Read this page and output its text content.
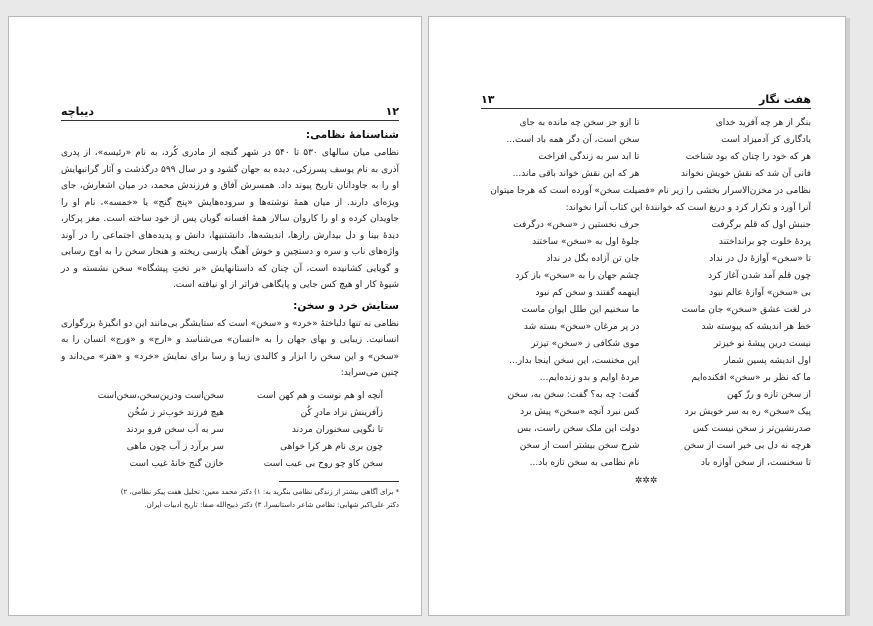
۱۲
دیباچه

شناسنامۀ نظامی:

نظامی میان سالهای ۵۳۰ تا ۵۴۰ در شهر گنجه از مادری کُرد، به نام «رئیسه»، از پدری آذری به نام یوسف پسرزکی، دیده به جهان گشود و در سال ۵۹۹ درگذشت و آثار گرانبهایش او را به جاودانان تاریخ پیوند داد. همسرش آفاق و فرزندش محمد، در میان اشعارش، جای ویژه‌ای دارند. از میان همۀ نوشته‌ها و سروده‌هایش «پنج گنج» یا «خمسه»، نام او را جاویدان کرده و او را کاروان سالار همۀ افسانه گویان پس از خود ساخته است. مغز پرکار، دیدۀ بینا و دل بیدارش رازها، اندیشه‌ها، دانشتنیها، دانش و پدیده‌های اجتماعی را در آوند واژه‌های ناب و سره و دستچین و خوش آهنگ پارسی ریخته و هنجار سخن را به اوج رسایی و گویایی کشانیده است، آن چنان که داستانهایش «بر تختِ پیشگاه» سخن نشسته و در شیوۀ کار او هیچ کس جایی و پایگاهی فراتر از او نیافته است.

ستایش خرد و سخن:

نظامی نه تنها دلباختۀ «خرد» و «سخن» است که ستایشگر بی‌مانند این دو انگیزۀ بزرگواری انسانیت. زیبایی و بهای جهان را به «انسان» می‌شناسد و «ارج» و «وَرج» انسان را به «سخن» و این سخن را ابزار و کالبدی زیبا و رسا برای نمایش «خرد» و «هنر» می‌داند و چنین می‌سراید:

آنچه او هم نوست و هم کهن است
سخن‌است ودرین‌سخن،سخن‌است
زآفرینش نزاد مادرِ کُن
هیچ فرزند خوب‌تر ز سُخُن
تا نگویی سخنوران مردند
سر به آب سخن فرو بردند
چون بری نام هر کرا خواهی
سر برآرد ز آب چون ماهی
سخن کاو چو روح بی عیب است
خازن گنج خانۀ غیب است

* برای آگاهی بیشتر از زندگی نظامی بنگرید به: ۱) دکتر محمد معین: تحلیل هفت پیکر نظامی، ۲)

دکتر علی‌اکبر شهابی: نظامی شاعر داستانسرا، ۳) دکتر ذبیح‌الله صفا: تاریخ ادبیات ایران.

هفت نگار
۱۳
بنگر از هر چه آفرید خدای
تا ازو جز سخن چه مانده به جای
یادگاری کز آدمیزاد است
سخن است، آن دگر همه باد است...
هر که خود را چنان که بود شناخت
تا ابد سر به زندگی افراخت
فانی آن شد که نقش خویش نخواند
هر که این نقش خواند باقی ماند...

نظامی در مخزن‌الاسرار بخشی را زیر نام «فضیلت سخن» آورده است که هرجا میتوان

آنرا آورد و تکرار کرد و دریغ است که خوانندۀ این کتاب آنرا نخواند:

جنبش اول که قلم برگرفت
حرف نخستین ز «سخن» درگرفت
پردۀ خلوت چو برانداختند
جلوۀ اول به «سخن» ساختند
تا «سخن» آوازۀ دل در نداد
جان تن آزاده بگل در نداد
چون قلم آمد شدن آغاز کرد
چشم جهان را به «سخن» باز کرد
بی «سخن» آوازۀ عالم نبود
اینهمه گفتند و سخن کم نبود
در لغت عشق «سخن» جان ماست
ما سخنیم این طلل ایوان ماست
خط هر اندیشه که پیوسته شد
در پر مرغان «سخن» بسته شد
نیست درین پیشۀ نو خیزتر
موی شکافی ز «سخن» تیزتر
اول اندیشه پسین شمار
این مخنست، این سخن اینجا بدار...
ما که نظر بر «سخن» افکنده‌ایم
مردۀ اوایم و بدو زنده‌ایم...
از سخن تازه و رزّ کهن
گفت: چه به؟ گفت: سخن به، سخن
پیک «سخن» ره به سر خویش برد
کس نبرد آنچه «سخن» پیش برد
صدرنشین‌تر ز سخن نیست کس
دولت این ملک سخن راست، بس
هرچه نه دل بی خبر است از سخن
شرح سخن بیشتر است از سخن
تا سخنست، از سخن آوازه باد
نام نظامی به سخن تازه باد...
✲✲✲
